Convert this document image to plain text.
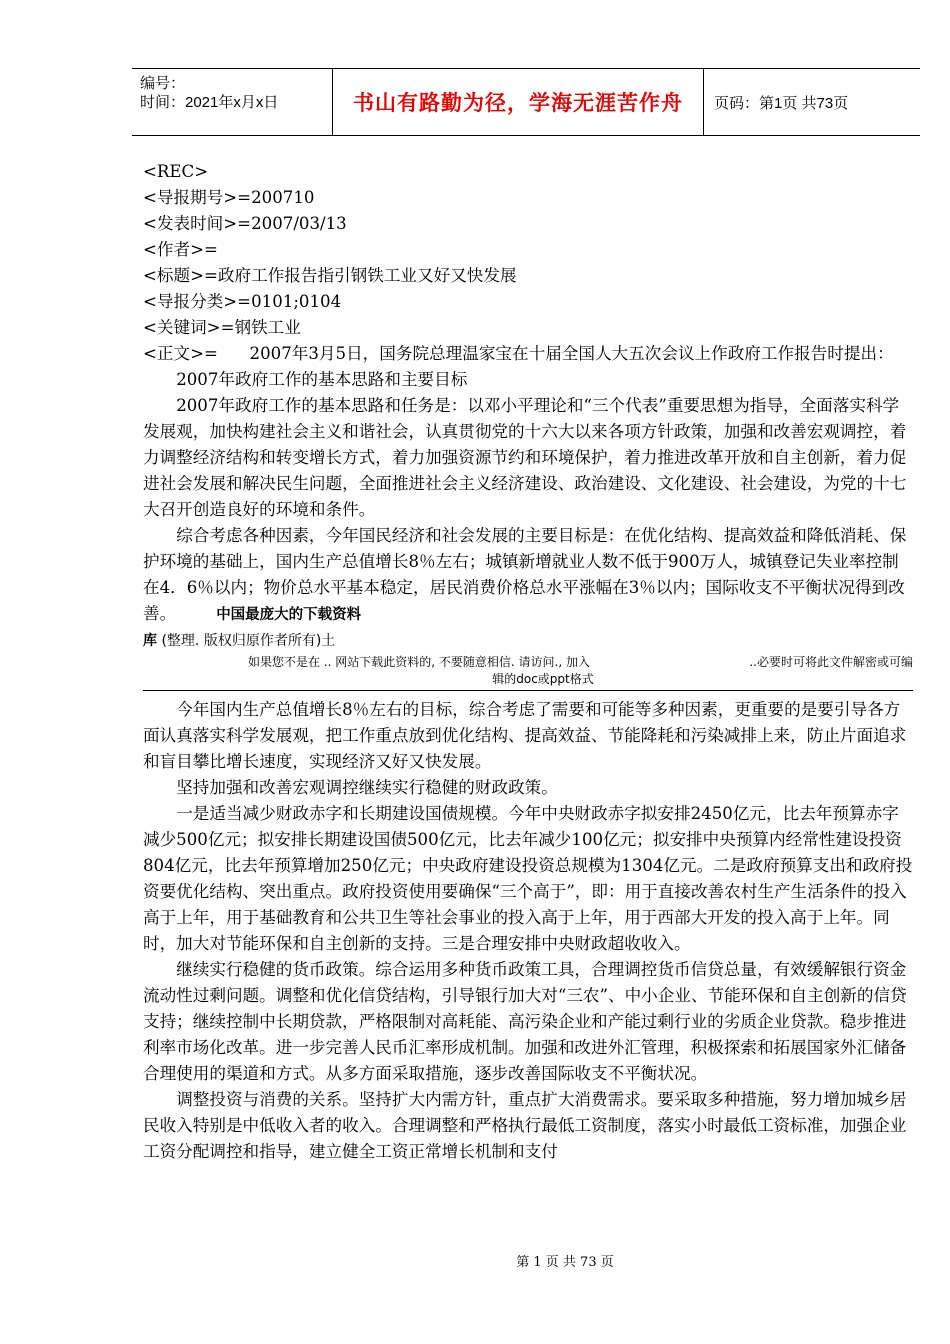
编号：
时间：2021年x月x日	书山有路勤为径，学海无涯苦作舟	页码：第1页 共73页

<REC>

<导报期号>=200710

<发表时间>=2007/03/13

<作者>=

<标题>=政府工作报告指引钢铁工业又好又快发展

<导报分类>=0101;0104

<关键词>=钢铁工业

<正文>=      2007年3月5日，国务院总理温家宝在十届全国人大五次会议上作政府工作报告时提出：

2007年政府工作的基本思路和主要目标

2007年政府工作的基本思路和任务是：以邓小平理论和“三个代表”重要思想为指导，全面落实科学发展观，加快构建社会主义和谐社会，认真贯彻党的十六大以来各项方针政策，加强和改善宏观调控，着力调整经济结构和转变增长方式，着力加强资源节约和环境保护，着力推进改革开放和自主创新，着力促进社会发展和解决民生问题，全面推进社会主义经济建设、政治建设、文化建设、社会建设，为党的十七大召开创造良好的环境和条件。

综合考虑各种因素，今年国民经济和社会发展的主要目标是：在优化结构、提高效益和降低消耗、保护环境的基础上，国内生产总值增长8％左右；城镇新增就业人数不低于900万人，城镇登记失业率控制在4．6％以内；物价总水平基本稳定，居民消费价格总水平涨幅在3％以内；国际收支不平衡状况得到改善。	中国最庞大的下载资料

库 (整理. 版权归原作者所有)土

如果您不是在 .. 网站下载此资料的, 不要随意相信. 请访问., 加入	..必要时可将此文件解密或可编
辑的doc或ppt格式

今年国内生产总值增长8％左右的目标，综合考虑了需要和可能等多种因素，更重要的是要引导各方面认真落实科学发展观，把工作重点放到优化结构、提高效益、节能降耗和污染减排上来，防止片面追求和盲目攀比增长速度，实现经济又好又快发展。

坚持加强和改善宏观调控继续实行稳健的财政政策。

一是适当减少财政赤字和长期建设国债规模。今年中央财政赤字拟安排2450亿元，比去年预算赤字减少500亿元；拟安排长期建设国债500亿元，比去年减少100亿元；拟安排中央预算内经常性建设投资804亿元，比去年预算增加250亿元；中央政府建设投资总规模为1304亿元。二是政府预算支出和政府投资要优化结构、突出重点。政府投资使用要确保“三个高于”，即：用于直接改善农村生产生活条件的投入高于上年，用于基础教育和公共卫生等社会事业的投入高于上年，用于西部大开发的投入高于上年。同时，加大对节能环保和自主创新的支持。三是合理安排中央财政超收收入。

继续实行稳健的货币政策。综合运用多种货币政策工具，合理调控货币信贷总量，有效缓解银行资金流动性过剩问题。调整和优化信贷结构，引导银行加大对“三农”、中小企业、节能环保和自主创新的信贷支持；继续控制中长期贷款，严格限制对高耗能、高污染企业和产能过剩行业的劣质企业贷款。稳步推进利率市场化改革。进一步完善人民币汇率形成机制。加强和改进外汇管理，积极探索和拓展国家外汇储备合理使用的渠道和方式。从多方面采取措施，逐步改善国际收支不平衡状况。

调整投资与消费的关系。坚持扩大内需方针，重点扩大消费需求。要采取多种措施，努力增加城乡居民收入特别是中低收入者的收入。合理调整和严格执行最低工资制度，落实小时最低工资标准，加强企业工资分配调控和指导，建立健全工资正常增长机制和支付

第 1 页 共 73 页
